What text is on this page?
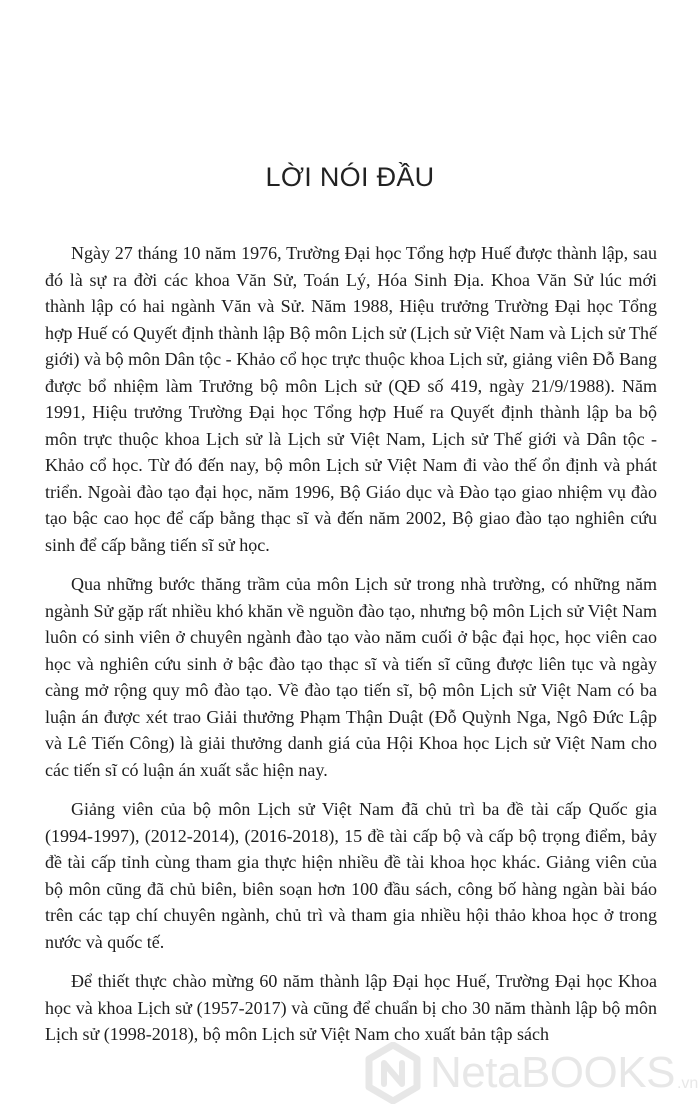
LỜI NÓI ĐẦU

Ngày 27 tháng 10 năm 1976, Trường Đại học Tổng hợp Huế được thành lập, sau đó là sự ra đời các khoa Văn Sử, Toán Lý, Hóa Sinh Địa. Khoa Văn Sử lúc mới thành lập có hai ngành Văn và Sử. Năm 1988, Hiệu trưởng Trường Đại học Tổng hợp Huế có Quyết định thành lập Bộ môn Lịch sử (Lịch sử Việt Nam và Lịch sử Thế giới) và bộ môn Dân tộc - Khảo cổ học trực thuộc khoa Lịch sử, giảng viên Đỗ Bang được bổ nhiệm làm Trưởng bộ môn Lịch sử (QĐ số 419, ngày 21/9/1988). Năm 1991, Hiệu trưởng Trường Đại học Tổng hợp Huế ra Quyết định thành lập ba bộ môn trực thuộc khoa Lịch sử là Lịch sử Việt Nam, Lịch sử Thế giới và Dân tộc - Khảo cổ học. Từ đó đến nay, bộ môn Lịch sử Việt Nam đi vào thế ổn định và phát triển. Ngoài đào tạo đại học, năm 1996, Bộ Giáo dục và Đào tạo giao nhiệm vụ đào tạo bậc cao học để cấp bằng thạc sĩ và đến năm 2002, Bộ giao đào tạo nghiên cứu sinh để cấp bằng tiến sĩ sử học.

Qua những bước thăng trầm của môn Lịch sử trong nhà trường, có những năm ngành Sử gặp rất nhiều khó khăn về nguồn đào tạo, nhưng bộ môn Lịch sử Việt Nam luôn có sinh viên ở chuyên ngành đào tạo vào năm cuối ở bậc đại học, học viên cao học và nghiên cứu sinh ở bậc đào tạo thạc sĩ và tiến sĩ cũng được liên tục và ngày càng mở rộng quy mô đào tạo. Về đào tạo tiến sĩ, bộ môn Lịch sử Việt Nam có ba luận án được xét trao Giải thưởng Phạm Thận Duật (Đỗ Quỳnh Nga, Ngô Đức Lập và Lê Tiến Công) là giải thưởng danh giá của Hội Khoa học Lịch sử Việt Nam cho các tiến sĩ có luận án xuất sắc hiện nay.

Giảng viên của bộ môn Lịch sử Việt Nam đã chủ trì ba đề tài cấp Quốc gia (1994-1997), (2012-2014), (2016-2018), 15 đề tài cấp bộ và cấp bộ trọng điểm, bảy đề tài cấp tỉnh cùng tham gia thực hiện nhiều đề tài khoa học khác. Giảng viên của bộ môn cũng đã chủ biên, biên soạn hơn 100 đầu sách, công bố hàng ngàn bài báo trên các tạp chí chuyên ngành, chủ trì và tham gia nhiều hội thảo khoa học ở trong nước và quốc tế.

Để thiết thực chào mừng 60 năm thành lập Đại học Huế, Trường Đại học Khoa học và khoa Lịch sử (1957-2017) và cũng để chuẩn bị cho 30 năm thành lập bộ môn Lịch sử (1998-2018), bộ môn Lịch sử Việt Nam cho xuất bản tập sách

NetaBOOKS .vn
